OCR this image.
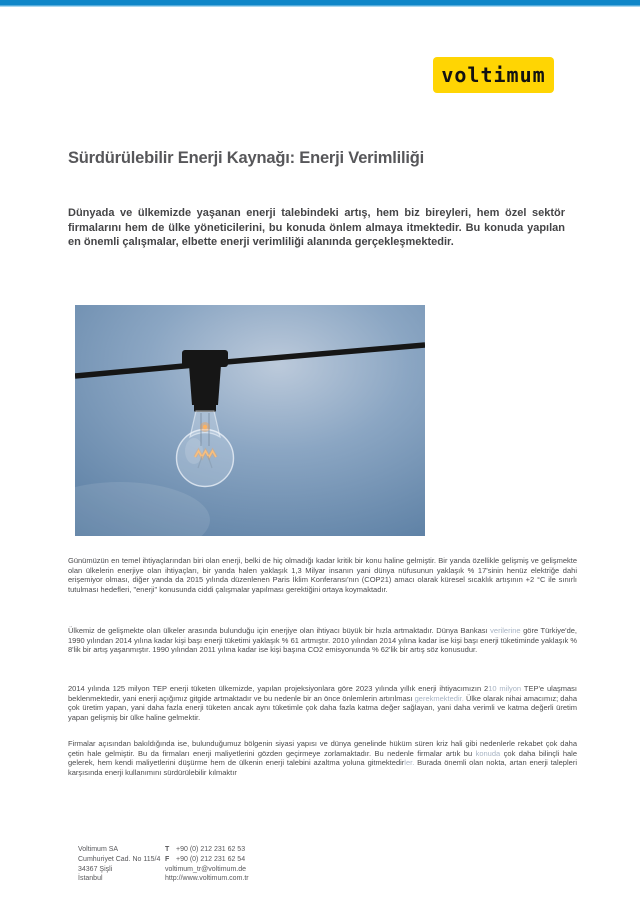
voltimum
Sürdürülebilir Enerji Kaynağı: Enerji Verimliliği

Dünyada ve ülkemizde yaşanan enerji talebindeki artış, hem biz bireyleri, hem özel sektör firmalarını hem de ülke yöneticilerini, bu konuda önlem almaya itmektedir. Bu konuda yapılan en önemli çalışmalar, elbette enerji verimliliği alanında gerçekleşmektedir.

Günümüzün en temel ihtiyaçlarından biri olan enerji, belki de hiç olmadığı kadar kritik bir konu haline gelmiştir. Bir yanda özellikle gelişmiş ve gelişmekte olan ülkelerin enerjiye olan ihtiyaçları, bir yanda halen yaklaşık 1,3 Milyar insanın yani dünya nüfusunun yaklaşık % 17'sinin henüz elektriğe dahi erişemiyor olması, diğer yanda da 2015 yılında düzenlenen Paris İklim Konferansı'nın (COP21) amacı olarak küresel sıcaklık artışının +2 °C ile sınırlı tutulması hedefleri, "enerji" konusunda ciddi çalışmalar yapılması gerektiğini ortaya koymaktadır.

Ülkemiz de gelişmekte olan ülkeler arasında bulunduğu için enerjiye olan ihtiyacı büyük bir hızla artmaktadır. Dünya Bankası verilerine göre Türkiye'de, 1990 yılından 2014 yılına kadar kişi başı enerji tüketimi yaklaşık % 61 artmıştır. 2010 yılından 2014 yılına kadar ise kişi başı enerji tüketiminde yaklaşık % 8'lik bir artış yaşanmıştır. 1990 yılından 2011 yılına kadar ise kişi başına CO2 emisyonunda % 62'lik bir artış söz konusudur.

2014 yılında 125 milyon TEP enerji tüketen ülkemizde, yapılan projeksiyonlara göre 2023 yılında yıllık enerji ihtiyacımızın 210 milyon TEP'e ulaşması beklenmektedir, yani enerji açığımız gitgide artmaktadır ve bu nedenle bir an önce önlemlerin artırılması gerekmektedir. Ülke olarak nihai amacımız; daha çok üretim yapan, yani daha fazla enerji tüketen ancak aynı tüketimle çok daha fazla katma değer sağlayan, yani daha verimli ve katma değerli üretim yapan gelişmiş bir ülke haline gelmektir.

Firmalar açısından bakıldığında ise, bulunduğumuz bölgenin siyasi yapısı ve dünya genelinde hüküm süren kriz hali gibi nedenlerle rekabet çok daha çetin hale gelmiştir. Bu da firmaları enerji maliyetlerini gözden geçirmeye zorlamaktadır. Bu nedenle firmalar artık bu konuda çok daha bilinçli hale gelerek, hem kendi maliyetlerini düşürme hem de ülkenin enerji talebini azaltma yoluna gitmektedirler. Burada önemli olan nokta, artan enerji talepleri karşısında enerji kullanımını sürdürülebilir kılmaktır

Voltimum SA
Cumhuriyet Cad. No 115/4
34367 Şişli
İstanbul
T +90 (0) 212 231 62 53
F +90 (0) 212 231 62 54
voltimum_tr@voltimum.de
http://www.voltimum.com.tr
